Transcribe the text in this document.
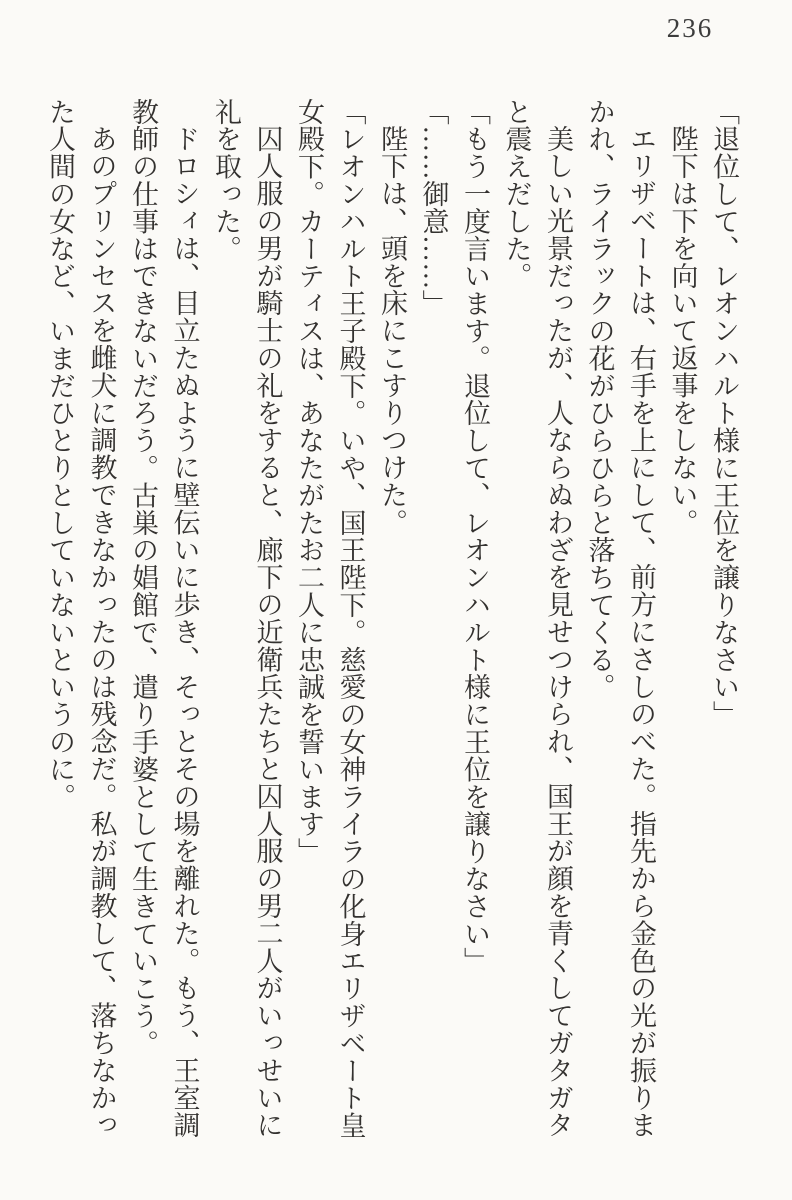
236

「退位して、レオンハルト様に王位を譲りなさい」

陛下は下を向いて返事をしない。

エリザベートは、右手を上にして、前方にさしのべた。指先から金色の光が振りまかれ、ライラックの花がひらひらと落ちてくる。

美しい光景だったが、人ならぬわざを見せつけられ、国王が顔を青くしてガタガタと震えだした。

「もう一度言います。退位して、レオンハルト様に王位を譲りなさい」

「……御意……」

陛下は、頭を床にこすりつけた。

「レオンハルト王子殿下。いや、国王陛下。慈愛の女神ライラの化身エリザベート皇女殿下。カーティスは、あなたがたお二人に忠誠を誓います」

囚人服の男が騎士の礼をすると、廊下の近衛兵たちと囚人服の男二人がいっせいに礼を取った。

ドロシィは、目立たぬように壁伝いに歩き、そっとその場を離れた。もう、王室調教師の仕事はできないだろう。古巣の娼館で、遣り手婆として生きていこう。

あのプリンセスを雌犬に調教できなかったのは残念だ。私が調教して、落ちなかった人間の女など、いまだひとりとしていないというのに。
